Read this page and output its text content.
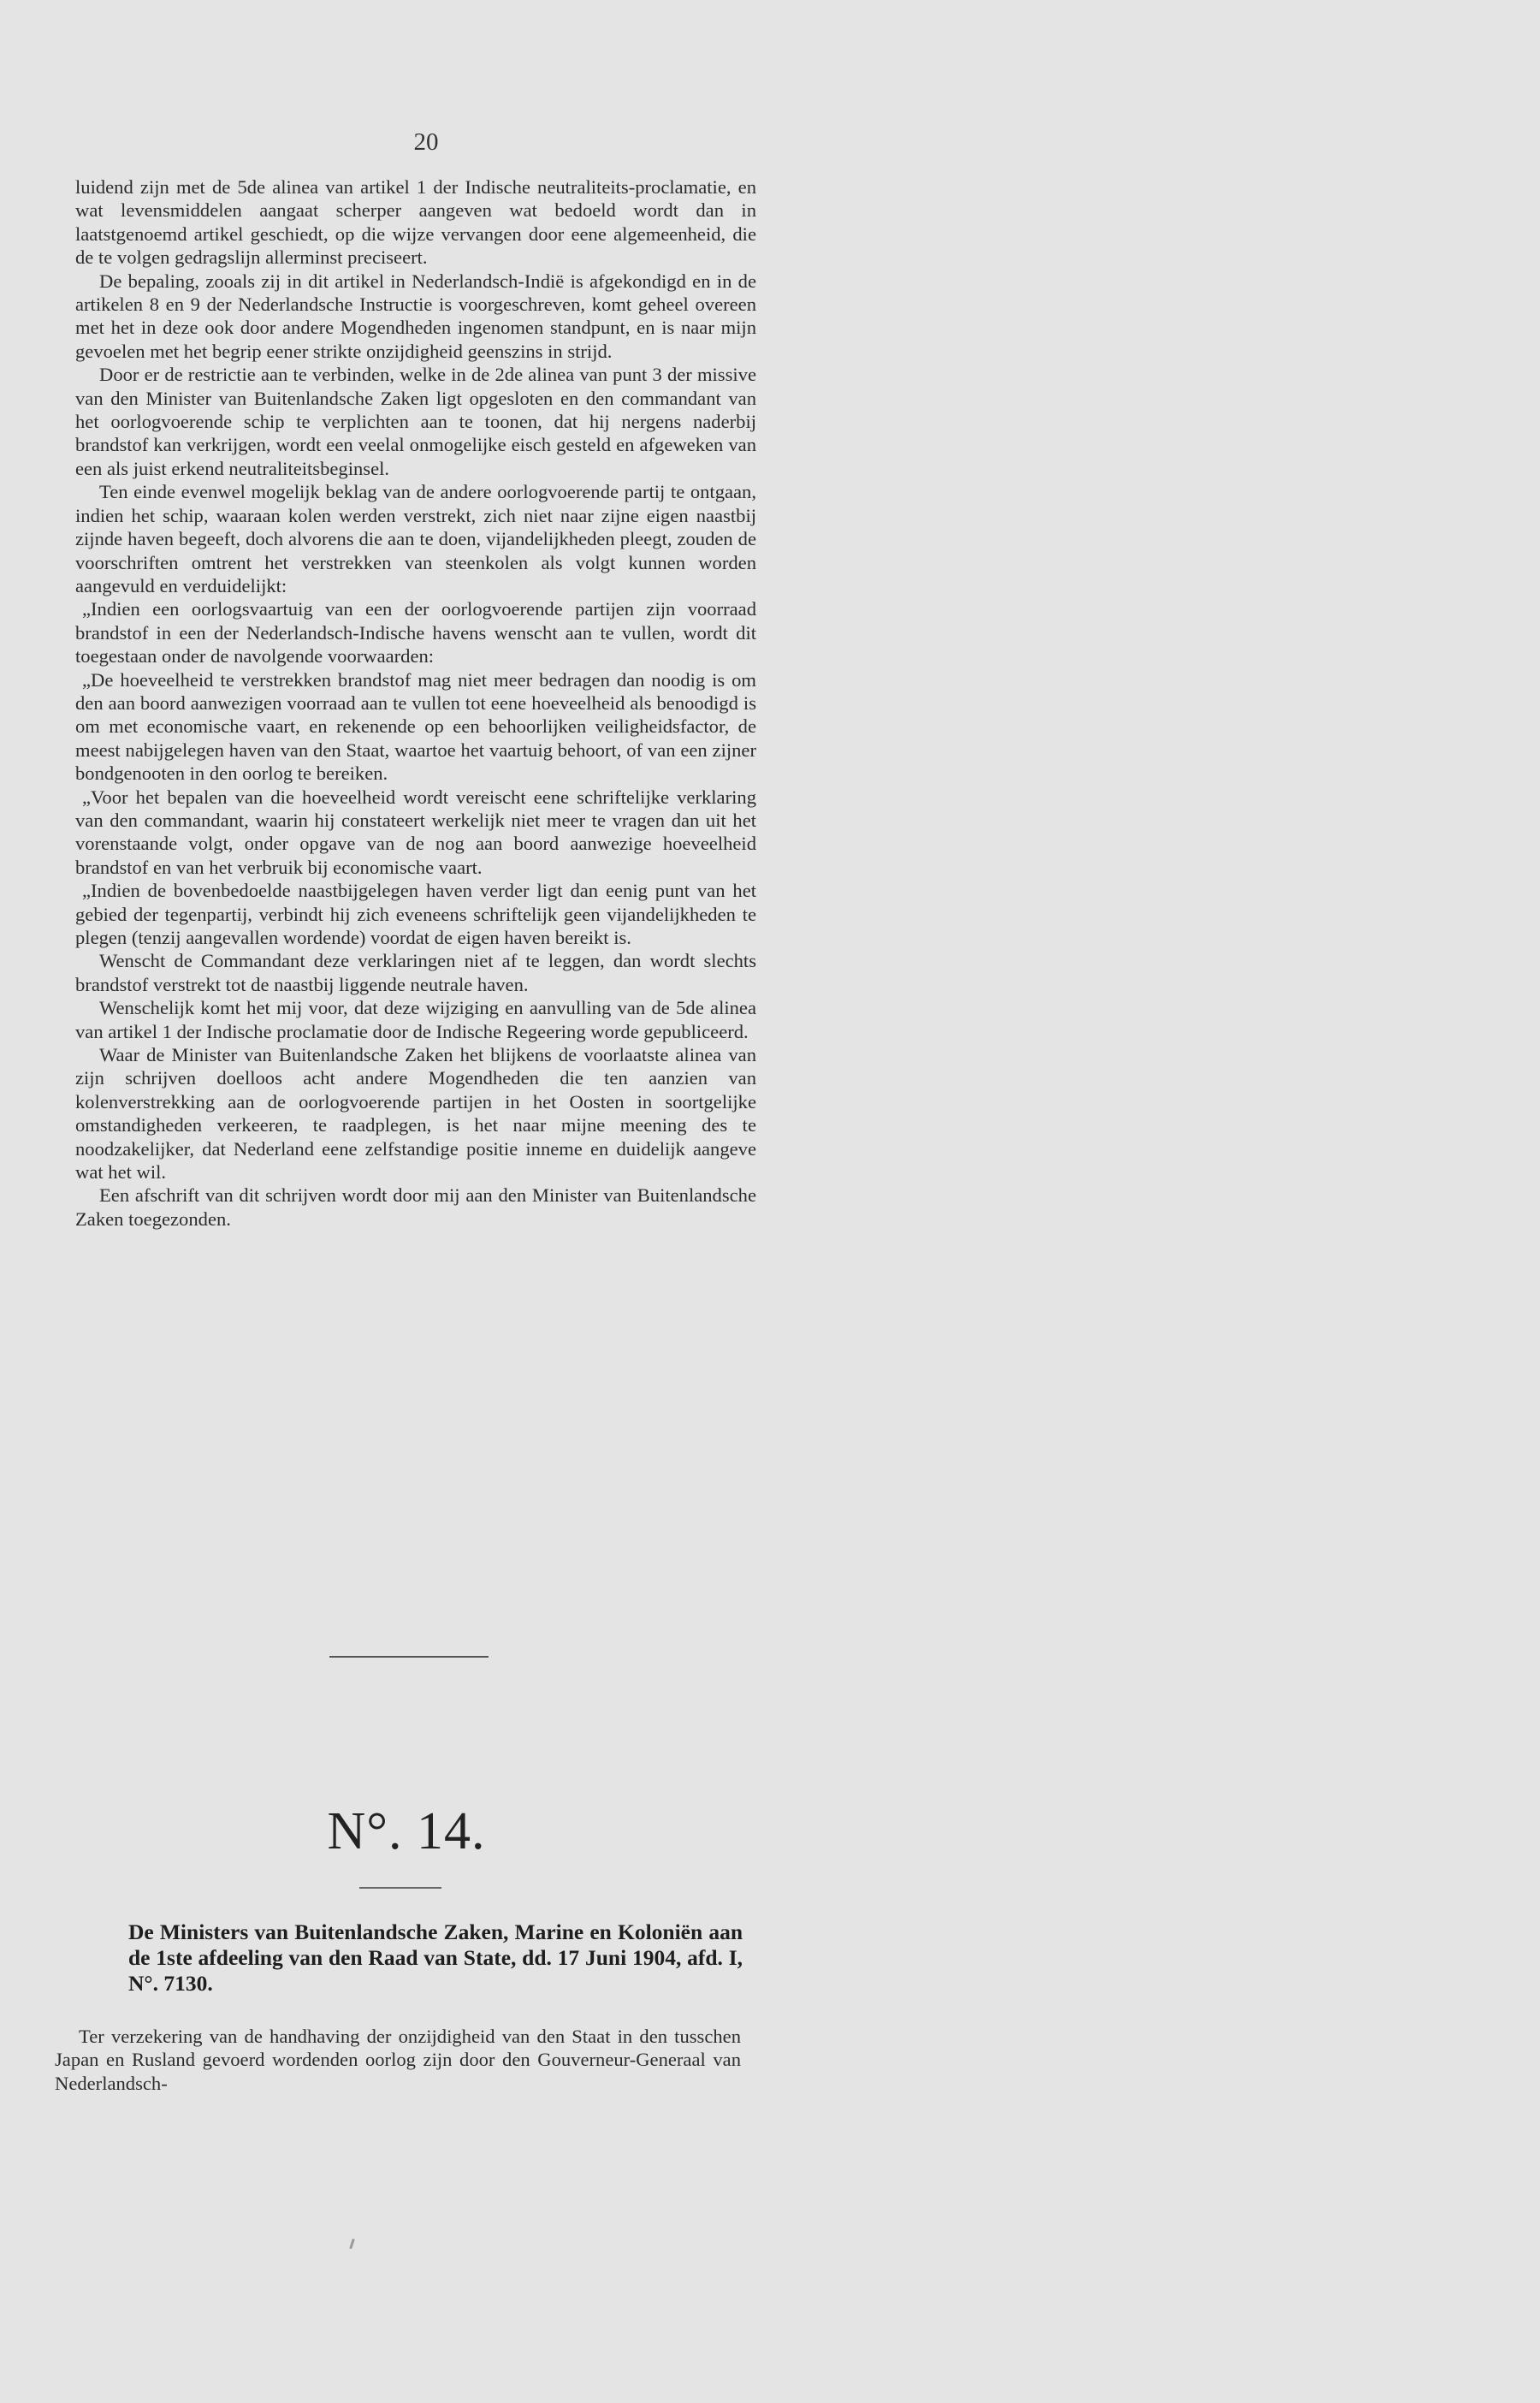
20

luidend zijn met de 5de alinea van artikel 1 der Indische neutraliteits-proclamatie, en wat levensmiddelen aangaat scherper aangeven wat bedoeld wordt dan in laatstgenoemd artikel geschiedt, op die wijze vervangen door eene algemeenheid, die de te volgen gedragslijn allerminst preciseert.

De bepaling, zooals zij in dit artikel in Nederlandsch-Indië is afgekondigd en in de artikelen 8 en 9 der Nederlandsche Instructie is voorgeschreven, komt geheel overeen met het in deze ook door andere Mogendheden ingenomen standpunt, en is naar mijn gevoelen met het begrip eener strikte onzijdigheid geenszins in strijd.

Door er de restrictie aan te verbinden, welke in de 2de alinea van punt 3 der missive van den Minister van Buitenlandsche Zaken ligt opgesloten en den commandant van het oorlogvoerende schip te verplichten aan te toonen, dat hij nergens naderbij brandstof kan verkrijgen, wordt een veelal onmogelijke eisch gesteld en afgeweken van een als juist erkend neutraliteitsbeginsel.

Ten einde evenwel mogelijk beklag van de andere oorlogvoerende partij te ontgaan, indien het schip, waaraan kolen werden verstrekt, zich niet naar zijne eigen naastbij zijnde haven begeeft, doch alvorens die aan te doen, vijandelijkheden pleegt, zouden de voorschriften omtrent het verstrekken van steenkolen als volgt kunnen worden aangevuld en verduidelijkt:

„Indien een oorlogsvaartuig van een der oorlogvoerende partijen zijn voorraad brandstof in een der Nederlandsch-Indische havens wenscht aan te vullen, wordt dit toegestaan onder de navolgende voorwaarden:

„De hoeveelheid te verstrekken brandstof mag niet meer bedragen dan noodig is om den aan boord aanwezigen voorraad aan te vullen tot eene hoeveelheid als benoodigd is om met economische vaart, en rekenende op een behoorlijken veiligheidsfactor, de meest nabijgelegen haven van den Staat, waartoe het vaartuig behoort, of van een zijner bondgenooten in den oorlog te bereiken.

„Voor het bepalen van die hoeveelheid wordt vereischt eene schriftelijke verklaring van den commandant, waarin hij constateert werkelijk niet meer te vragen dan uit het vorenstaande volgt, onder opgave van de nog aan boord aanwezige hoeveelheid brandstof en van het verbruik bij economische vaart.

„Indien de bovenbedoelde naastbijgelegen haven verder ligt dan eenig punt van het gebied der tegenpartij, verbindt hij zich eveneens schriftelijk geen vijandelijkheden te plegen (tenzij aangevallen wordende) voordat de eigen haven bereikt is.

Wenscht de Commandant deze verklaringen niet af te leggen, dan wordt slechts brandstof verstrekt tot de naastbij liggende neutrale haven.

Wenschelijk komt het mij voor, dat deze wijziging en aanvulling van de 5de alinea van artikel 1 der Indische proclamatie door de Indische Regeering worde gepubliceerd.

Waar de Minister van Buitenlandsche Zaken het blijkens de voorlaatste alinea van zijn schrijven doelloos acht andere Mogendheden die ten aanzien van kolenverstrekking aan de oorlogvoerende partijen in het Oosten in soortgelijke omstandigheden verkeeren, te raadplegen, is het naar mijne meening des te noodzakelijker, dat Nederland eene zelfstandige positie inneme en duidelijk aangeve wat het wil.

Een afschrift van dit schrijven wordt door mij aan den Minister van Buitenlandsche Zaken toegezonden.

N°. 14.

De Ministers van Buitenlandsche Zaken, Marine en Koloniën aan de 1ste afdeeling van den Raad van State, dd. 17 Juni 1904, afd. I, N°. 7130.

Ter verzekering van de handhaving der onzijdigheid van den Staat in den tusschen Japan en Rusland gevoerd wordenden oorlog zijn door den Gouverneur-Generaal van Nederlandsch-
